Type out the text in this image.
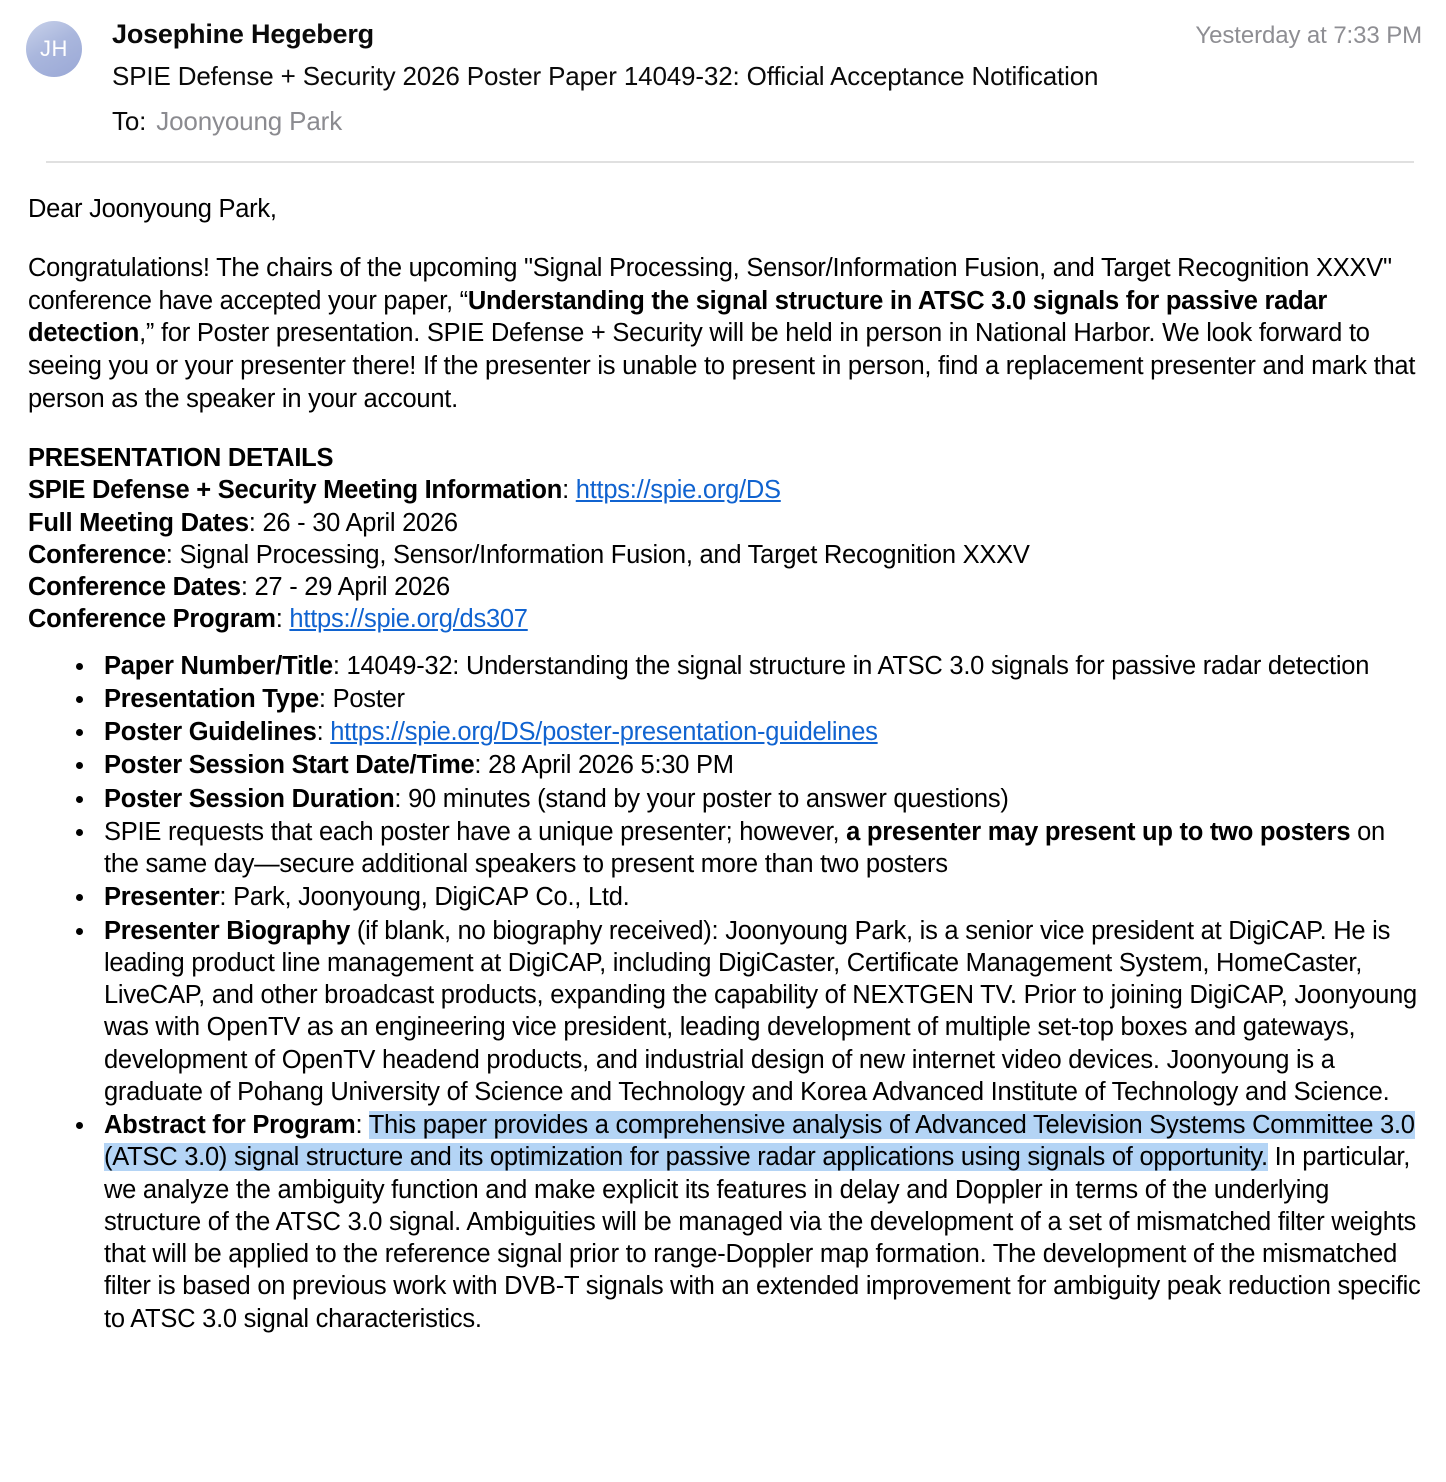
JH Josephine Hegeberg	Yesterday at 7:33 PM
SPIE Defense + Security 2026 Poster Paper 14049-32: Official Acceptance Notification
To: Joonyoung Park

Dear Joonyoung Park,

Congratulations! The chairs of the upcoming "Signal Processing, Sensor/Information Fusion, and Target Recognition XXXV" conference have accepted your paper, “Understanding the signal structure in ATSC 3.0 signals for passive radar detection,” for Poster presentation. SPIE Defense + Security will be held in person in National Harbor. We look forward to seeing you or your presenter there! If the presenter is unable to present in person, find a replacement presenter and mark that person as the speaker in your account.

PRESENTATION DETAILS
SPIE Defense + Security Meeting Information: https://spie.org/DS
Full Meeting Dates: 26 - 30 April 2026
Conference: Signal Processing, Sensor/Information Fusion, and Target Recognition XXXV
Conference Dates: 27 - 29 April 2026
Conference Program: https://spie.org/ds307
Paper Number/Title: 14049-32: Understanding the signal structure in ATSC 3.0 signals for passive radar detection
Presentation Type: Poster
Poster Guidelines: https://spie.org/DS/poster-presentation-guidelines
Poster Session Start Date/Time: 28 April 2026 5:30 PM
Poster Session Duration: 90 minutes (stand by your poster to answer questions)
SPIE requests that each poster have a unique presenter; however, a presenter may present up to two posters on the same day—secure additional speakers to present more than two posters
Presenter: Park, Joonyoung, DigiCAP Co., Ltd.
Presenter Biography (if blank, no biography received): Joonyoung Park, is a senior vice president at DigiCAP. He is leading product line management at DigiCAP, including DigiCaster, Certificate Management System, HomeCaster, LiveCAP, and other broadcast products, expanding the capability of NEXTGEN TV. Prior to joining DigiCAP, Joonyoung was with OpenTV as an engineering vice president, leading development of multiple set-top boxes and gateways, development of OpenTV headend products, and industrial design of new internet video devices. Joonyoung is a graduate of Pohang University of Science and Technology and Korea Advanced Institute of Technology and Science.
Abstract for Program: This paper provides a comprehensive analysis of Advanced Television Systems Committee 3.0 (ATSC 3.0) signal structure and its optimization for passive radar applications using signals of opportunity. In particular, we analyze the ambiguity function and make explicit its features in delay and Doppler in terms of the underlying structure of the ATSC 3.0 signal. Ambiguities will be managed via the development of a set of mismatched filter weights that will be applied to the reference signal prior to range-Doppler map formation. The development of the mismatched filter is based on previous work with DVB-T signals with an extended improvement for ambiguity peak reduction specific to ATSC 3.0 signal characteristics.
